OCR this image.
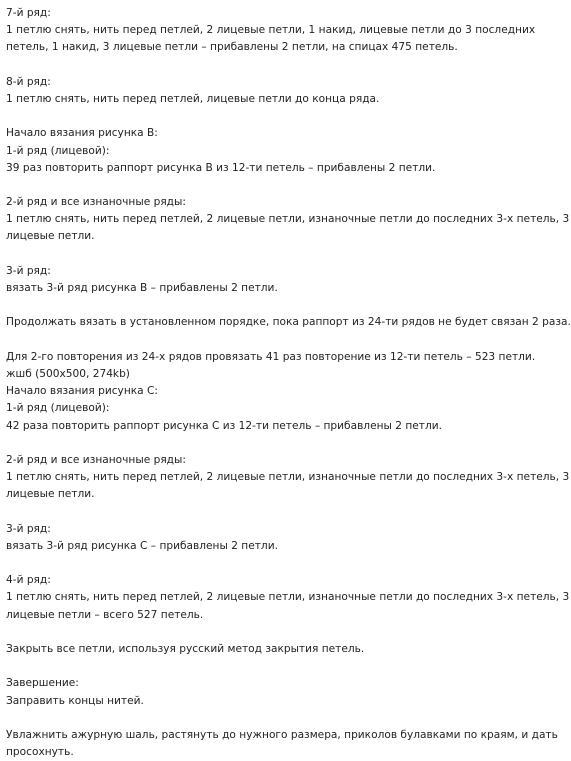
7-й ряд:
1 петлю снять, нить перед петлей, 2 лицевые петли, 1 накид, лицевые петли до 3 последних
петель, 1 накид, 3 лицевые петли – прибавлены 2 петли, на спицах 475 петель.
8-й ряд:
1 петлю снять, нить перед петлей, лицевые петли до конца ряда.
Начало вязания рисунка В:
1-й ряд (лицевой):
39 раз повторить раппорт рисунка В из 12-ти петель – прибавлены 2 петли.
2-й ряд и все изнаночные ряды:
1 петлю снять, нить перед петлей, 2 лицевые петли, изнаночные петли до последних 3-х петель, 3
лицевые петли.
3-й ряд:
вязать 3-й ряд рисунка В – прибавлены 2 петли.
Продолжать вязать в установленном порядке, пока раппорт из 24-ти рядов не будет связан 2 раза.
Для 2-го повторения из 24-х рядов провязать 41 раз повторение из 12-ти петель – 523 петли.
жшб (500x500, 274kb)
Начало вязания рисунка С:
1-й ряд (лицевой):
42 раза повторить раппорт рисунка С из 12-ти петель – прибавлены 2 петли.
2-й ряд и все изнаночные ряды:
1 петлю снять, нить перед петлей, 2 лицевые петли, изнаночные петли до последних 3-х петель, 3
лицевые петли.
3-й ряд:
вязать 3-й ряд рисунка С – прибавлены 2 петли.
4-й ряд:
1 петлю снять, нить перед петлей, 2 лицевые петли, изнаночные петли до последних 3-х петель, 3
лицевые петли – всего 527 петель.
Закрыть все петли, используя русский метод закрытия петель.
Завершение:
Заправить концы нитей.
Увлажнить ажурную шаль, растянуть до нужного размера, приколов булавками по краям, и дать
просохнуть.
